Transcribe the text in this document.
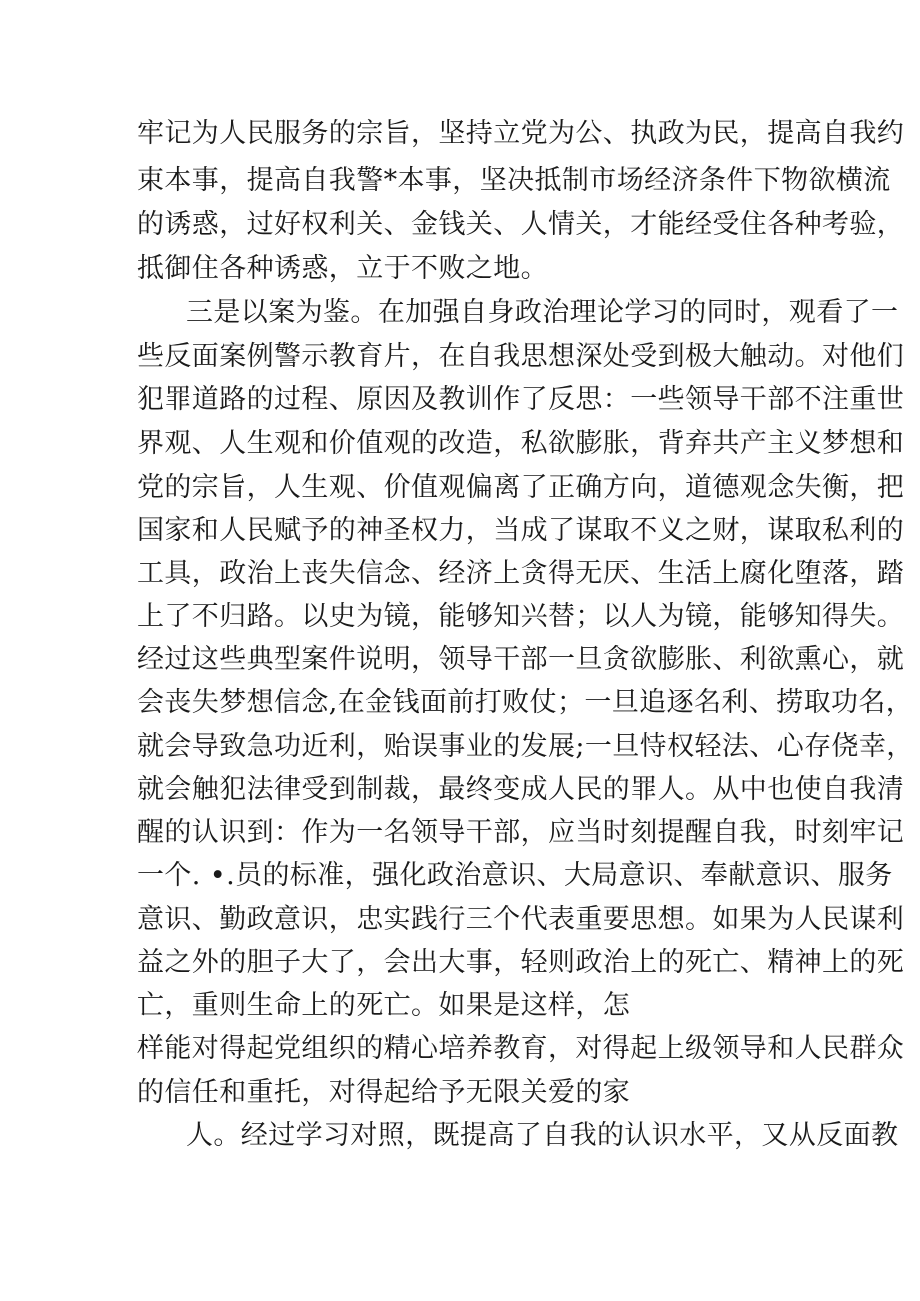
牢记为人民服务的宗旨，坚持立党为公、执政为民，提高自我约
束本事，提高自我警*本事，坚决抵制市场经济条件下物欲横流
的诱惑，过好权利关、金钱关、人情关，才能经受住各种考验，
抵御住各种诱惑，立于不败之地。
三是以案为鉴。在加强自身政治理论学习的同时，观看了一
些反面案例警示教育片，在自我思想深处受到极大触动。对他们
犯罪道路的过程、原因及教训作了反思：一些领导干部不注重世
界观、人生观和价值观的改造，私欲膨胀，背弃共产主义梦想和
党的宗旨，人生观、价值观偏离了正确方向，道德观念失衡，把
国家和人民赋予的神圣权力，当成了谋取不义之财，谋取私利的
工具，政治上丧失信念、经济上贪得无厌、生活上腐化堕落，踏
上了不归路。以史为镜，能够知兴替；以人为镜，能够知得失。
经过这些典型案件说明，领导干部一旦贪欲膨胀、利欲熏心，就
会丧失梦想信念,在金钱面前打败仗；一旦追逐名利、捞取功名，
就会导致急功近利，贻误事业的发展;一旦恃权轻法、心存侥幸，
就会触犯法律受到制裁，最终变成人民的罪人。从中也使自我清
醒的认识到：作为一名领导干部，应当时刻提醒自我，时刻牢记
一个. •.员的标准，强化政治意识、大局意识、奉献意识、服务
意识、勤政意识，忠实践行三个代表重要思想。如果为人民谋利
益之外的胆子大了，会出大事，轻则政治上的死亡、精神上的死
亡，重则生命上的死亡。如果是这样，怎
样能对得起党组织的精心培养教育，对得起上级领导和人民群众
的信任和重托，对得起给予无限关爱的家
人。经过学习对照，既提高了自我的认识水平，又从反面教
